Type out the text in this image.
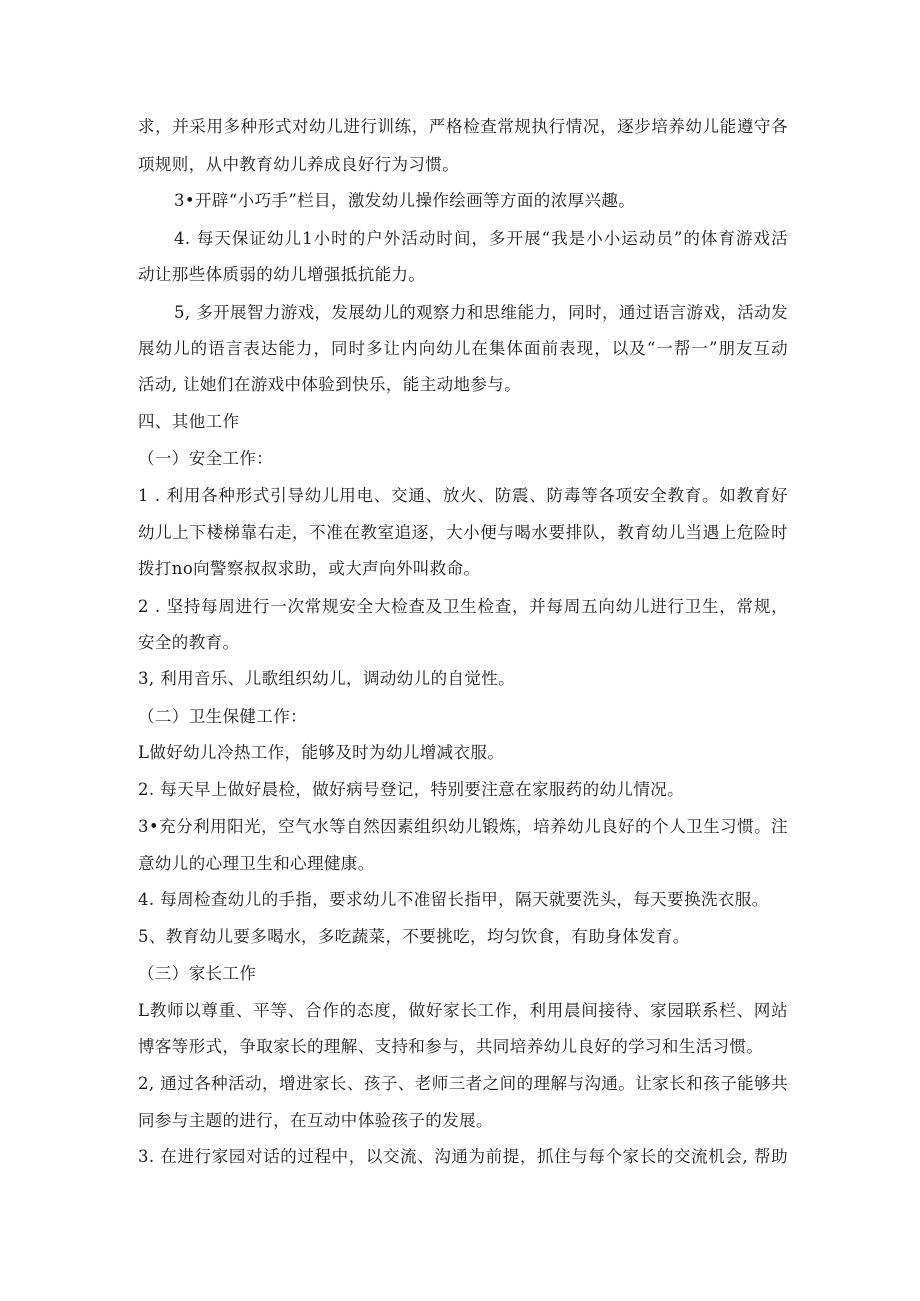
求，并采用多种形式对幼儿进行训练，严格检查常规执行情况，逐步培养幼儿能遵守各
项规则，从中教育幼儿养成良好行为习惯。
3•开辟“小巧手”栏目，激发幼儿操作绘画等方面的浓厚兴趣。
4. 每天保证幼儿1小时的户外活动时间，多开展“我是小小运动员”的体育游戏活
动让那些体质弱的幼儿增强抵抗能力。
5, 多开展智力游戏，发展幼儿的观察力和思维能力，同时，通过语言游戏，活动发
展幼儿的语言表达能力，同时多让内向幼儿在集体面前表现，以及“一帮一”朋友互动
活动, 让她们在游戏中体验到快乐，能主动地参与。
四、其他工作
（一）安全工作：
1 . 利用各种形式引导幼儿用电、交通、放火、防震、防毒等各项安全教育。如教育好
幼儿上下楼梯靠右走，不准在教室追逐，大小便与喝水要排队，教育幼儿当遇上危险时
拨打no向警察叔叔求助，或大声向外叫救命。
2 . 坚持每周进行一次常规安全大检查及卫生检查，并每周五向幼儿进行卫生，常规，
安全的教育。
3, 利用音乐、儿歌组织幼儿，调动幼儿的自觉性。
（二）卫生保健工作：
L做好幼儿冷热工作，能够及时为幼儿增减衣服。
2. 每天早上做好晨检，做好病号登记，特别要注意在家服药的幼儿情况。
3•充分利用阳光，空气水等自然因素组织幼儿锻炼，培养幼儿良好的个人卫生习惯。注
意幼儿的心理卫生和心理健康。
4. 每周检查幼儿的手指，要求幼儿不准留长指甲，隔天就要洗头，每天要换洗衣服。
5、教育幼儿要多喝水，多吃蔬菜，不要挑吃，均匀饮食，有助身体发育。
（三）家长工作
L教师以尊重、平等、合作的态度，做好家长工作，利用晨间接待、家园联系栏、网站
博客等形式，争取家长的理解、支持和参与，共同培养幼儿良好的学习和生活习惯。
2, 通过各种活动，增进家长、孩子、老师三者之间的理解与沟通。让家长和孩子能够共
同参与主题的进行，在互动中体验孩子的发展。
3. 在进行家园对话的过程中，以交流、沟通为前提，抓住与每个家长的交流机会, 帮助
